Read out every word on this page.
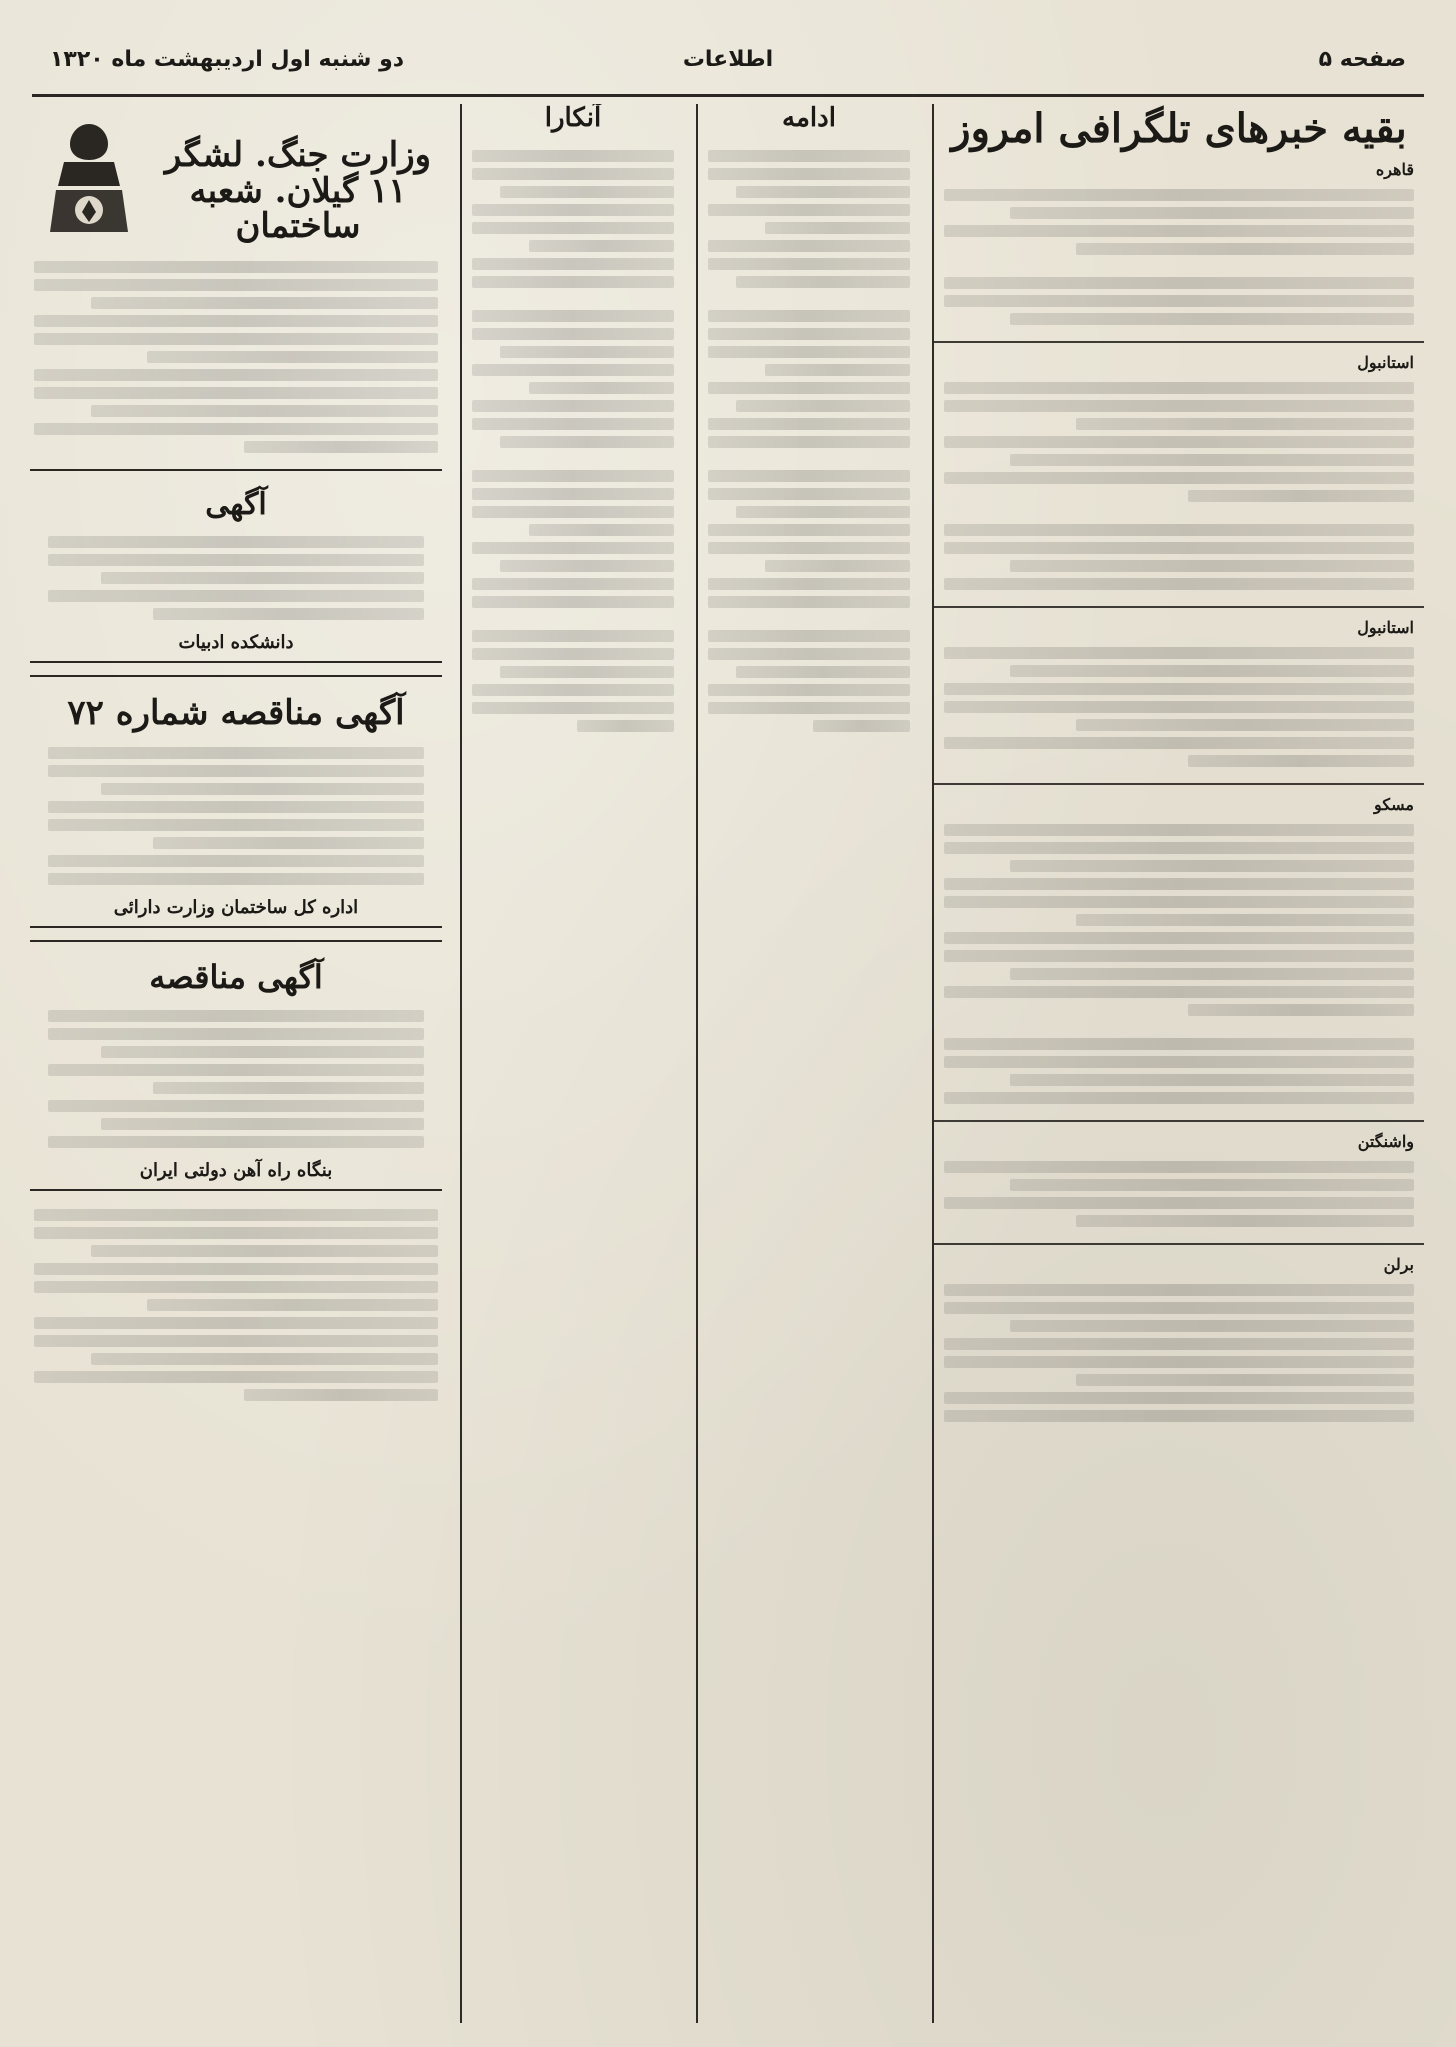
صفحه ۵
اطلاعات
دو شنبه اول اردیبهشت ماه ۱۳۲۰
بقیه خبرهای تلگرافی امروز
قاهره
استانبول
استانبول
مسکو
واشنگتن
برلن
ادامه
آنکارا
وزارت جنگ. لشگر ۱۱ گیلان. شعبه ساختمان
آگهی
دانشکده ادبیات
آگهی مناقصه شماره ۷۲
اداره کل ساختمان وزارت دارائی
آگهی مناقصه
بنگاه راه آهن دولتی ایران
